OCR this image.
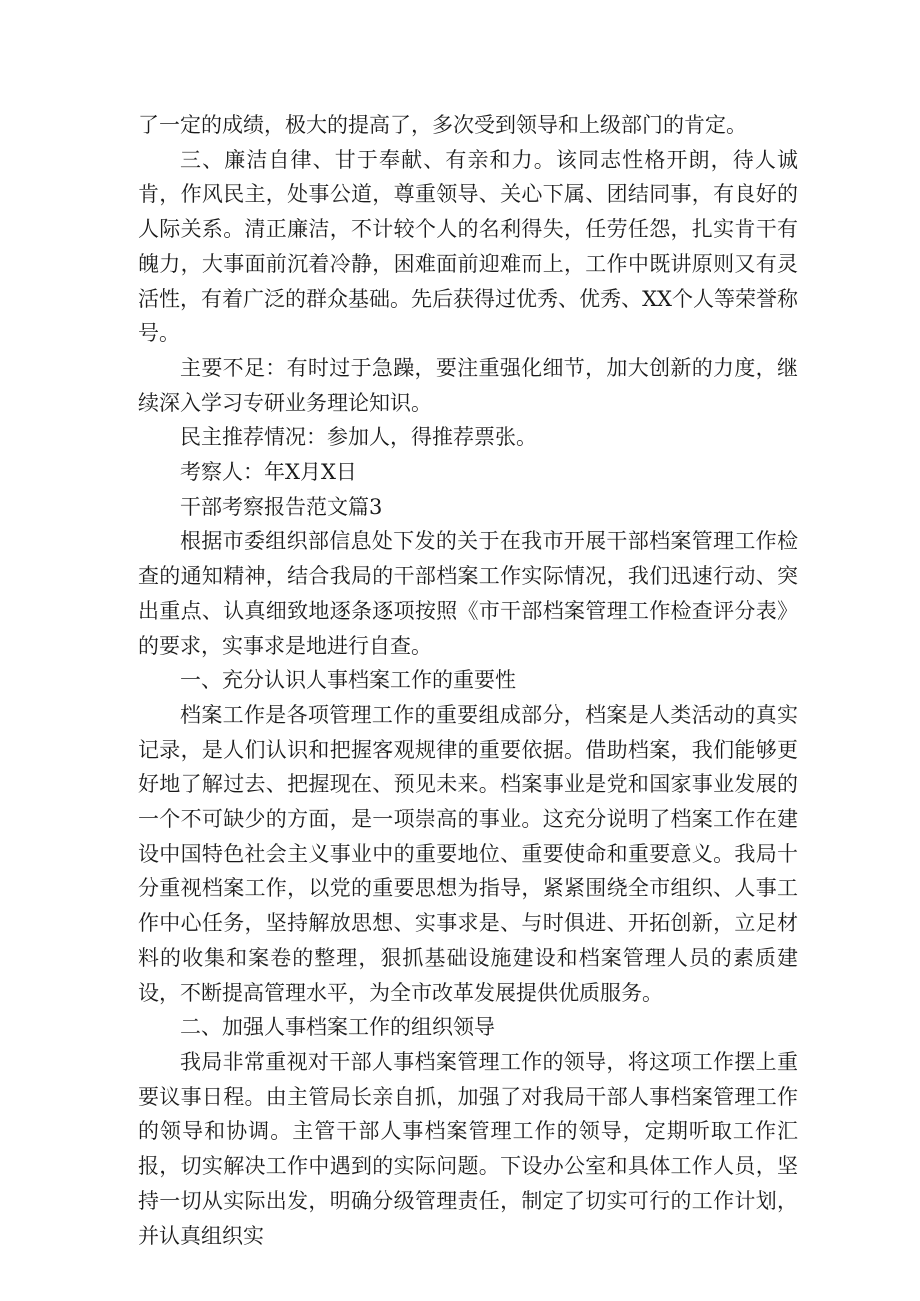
了一定的成绩，极大的提高了，多次受到领导和上级部门的肯定。

三、廉洁自律、甘于奉献、有亲和力。该同志性格开朗，待人诚肯，作风民主，处事公道，尊重领导、关心下属、团结同事，有良好的人际关系。清正廉洁，不计较个人的名利得失，任劳任怨，扎实肯干有魄力，大事面前沉着冷静，困难面前迎难而上，工作中既讲原则又有灵活性，有着广泛的群众基础。先后获得过优秀、优秀、XX个人等荣誉称号。

主要不足：有时过于急躁，要注重强化细节，加大创新的力度，继续深入学习专研业务理论知识。

民主推荐情况：参加人，得推荐票张。

考察人：年X月X日

干部考察报告范文篇3

根据市委组织部信息处下发的关于在我市开展干部档案管理工作检查的通知精神，结合我局的干部档案工作实际情况，我们迅速行动、突出重点、认真细致地逐条逐项按照《市干部档案管理工作检查评分表》的要求，实事求是地进行自查。

一、充分认识人事档案工作的重要性

档案工作是各项管理工作的重要组成部分，档案是人类活动的真实记录，是人们认识和把握客观规律的重要依据。借助档案，我们能够更好地了解过去、把握现在、预见未来。档案事业是党和国家事业发展的一个不可缺少的方面，是一项崇高的事业。这充分说明了档案工作在建设中国特色社会主义事业中的重要地位、重要使命和重要意义。我局十分重视档案工作，以党的重要思想为指导，紧紧围绕全市组织、人事工作中心任务，坚持解放思想、实事求是、与时俱进、开拓创新，立足材料的收集和案卷的整理，狠抓基础设施建设和档案管理人员的素质建设，不断提高管理水平，为全市改革发展提供优质服务。

二、加强人事档案工作的组织领导

我局非常重视对干部人事档案管理工作的领导，将这项工作摆上重要议事日程。由主管局长亲自抓，加强了对我局干部人事档案管理工作的领导和协调。主管干部人事档案管理工作的领导，定期听取工作汇报，切实解决工作中遇到的实际问题。下设办公室和具体工作人员，坚持一切从实际出发，明确分级管理责任，制定了切实可行的工作计划，并认真组织实
